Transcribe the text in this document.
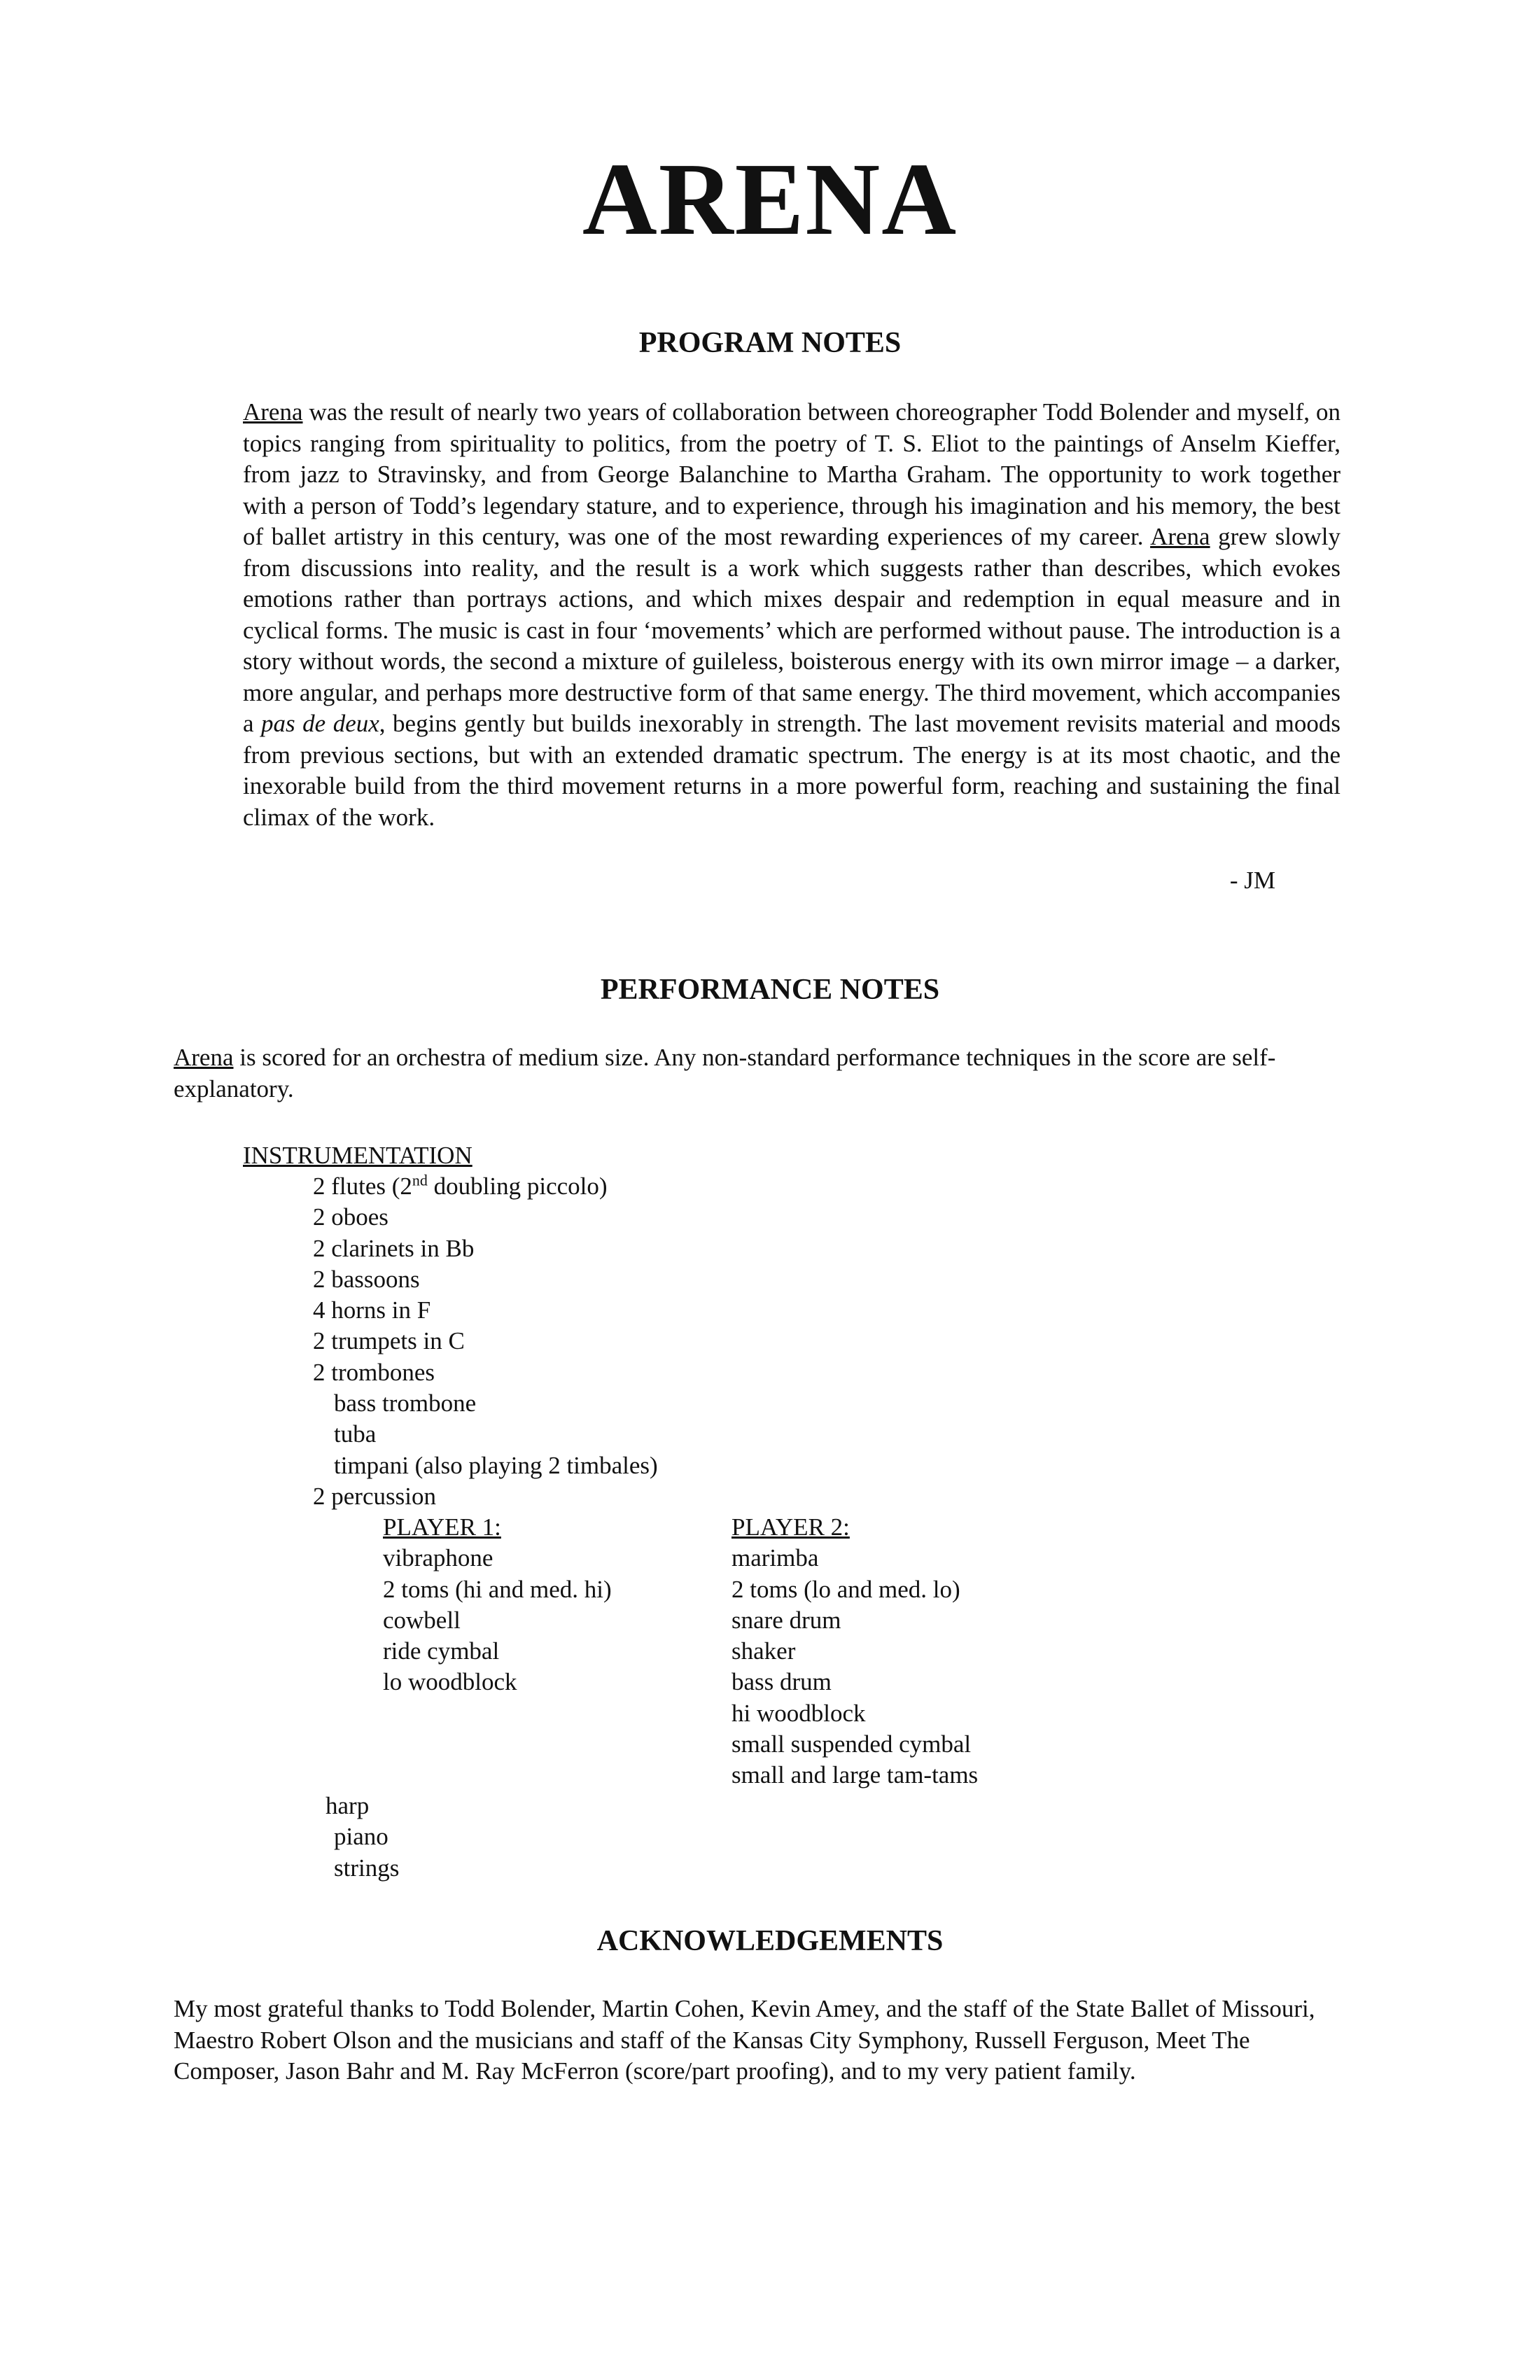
ARENA
PROGRAM NOTES

Arena was the result of nearly two years of collaboration between choreographer Todd Bolender and myself, on topics ranging from spirituality to politics, from the poetry of T. S. Eliot to the paintings of Anselm Kieffer, from jazz to Stravinsky, and from George Balanchine to Martha Graham. The opportunity to work together with a person of Todd’s legendary stature, and to experience, through his imagination and his memory, the best of ballet artistry in this century, was one of the most rewarding experiences of my career. Arena grew slowly from discussions into reality, and the result is a work which suggests rather than describes, which evokes emotions rather than portrays actions, and which mixes despair and redemption in equal measure and in cyclical forms. The music is cast in four ‘movements’ which are performed without pause. The introduction is a story without words, the second a mixture of guileless, boisterous energy with its own mirror image – a darker, more angular, and perhaps more destructive form of that same energy. The third movement, which accompanies a pas de deux, begins gently but builds inexorably in strength. The last movement revisits material and moods from previous sections, but with an extended dramatic spectrum. The energy is at its most chaotic, and the inexorable build from the third movement returns in a more powerful form, reaching and sustaining the final climax of the work.

- JM
PERFORMANCE NOTES

Arena is scored for an orchestra of medium size. Any non-standard performance techniques in the score are self-explanatory.

INSTRUMENTATION
2 flutes (2nd doubling piccolo)
2 oboes
2 clarinets in Bb
2 bassoons
4 horns in F
2 trumpets in C
2 trombones
bass trombone
tuba
timpani (also playing 2 timbales)
2 percussion
PLAYER 1:
vibraphone
2 toms (hi and med. hi)
cowbell
ride cymbal
lo woodblock
PLAYER 2:
marimba
2 toms (lo and med. lo)
snare drum
shaker
bass drum
hi woodblock
small suspended cymbal
small and large tam-tams
harp
piano
strings
ACKNOWLEDGEMENTS

My most grateful thanks to Todd Bolender, Martin Cohen, Kevin Amey, and the staff of the State Ballet of Missouri, Maestro Robert Olson and the musicians and staff of the Kansas City Symphony, Russell Ferguson, Meet The Composer, Jason Bahr and M. Ray McFerron (score/part proofing), and to my very patient family.
